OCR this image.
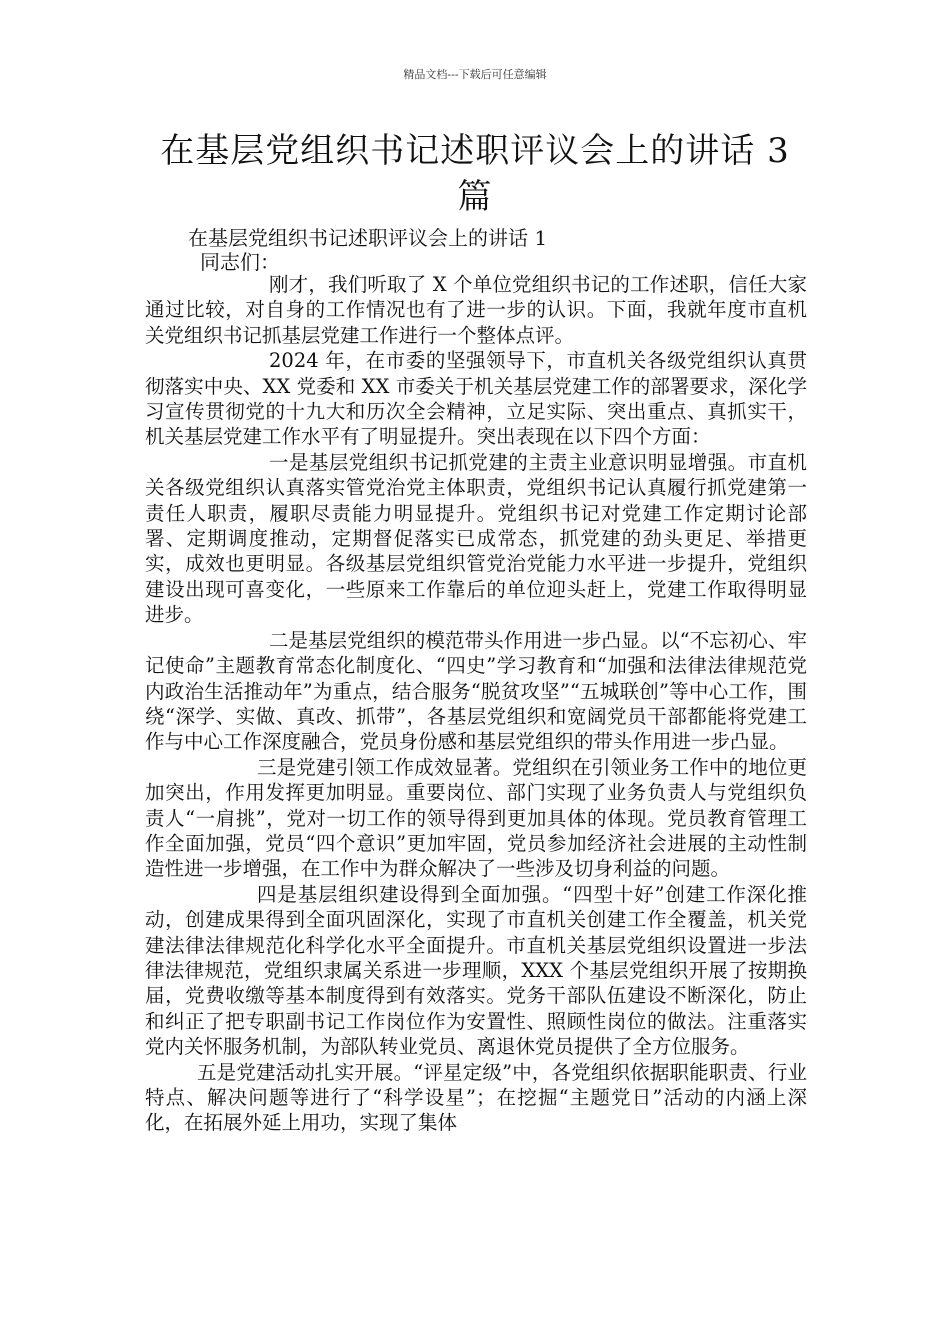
精品文档---下载后可任意编辑
在基层党组织书记述职评议会上的讲话 3 篇
在基层党组织书记述职评议会上的讲话 1
同志们：

刚才，我们听取了 X 个单位党组织书记的工作述职，信任大家通过比较，对自身的工作情况也有了进一步的认识。下面，我就年度市直机关党组织书记抓基层党建工作进行一个整体点评。

2024 年，在市委的坚强领导下，市直机关各级党组织认真贯彻落实中央、XX 党委和 XX 市委关于机关基层党建工作的部署要求，深化学习宣传贯彻党的十九大和历次全会精神，立足实际、突出重点、真抓实干，机关基层党建工作水平有了明显提升。突出表现在以下四个方面：

一是基层党组织书记抓党建的主责主业意识明显增强。市直机关各级党组织认真落实管党治党主体职责，党组织书记认真履行抓党建第一责任人职责，履职尽责能力明显提升。党组织书记对党建工作定期讨论部署、定期调度推动，定期督促落实已成常态，抓党建的劲头更足、举措更实，成效也更明显。各级基层党组织管党治党能力水平进一步提升，党组织建设出现可喜变化，一些原来工作靠后的单位迎头赶上，党建工作取得明显进步。

二是基层党组织的模范带头作用进一步凸显。以“不忘初心、牢记使命”主题教育常态化制度化、“四史”学习教育和“加强和法律法律规范党内政治生活推动年”为重点，结合服务“脱贫攻坚”“五城联创”等中心工作，围绕“深学、实做、真改、抓带”，各基层党组织和宽阔党员干部都能将党建工作与中心工作深度融合，党员身份感和基层党组织的带头作用进一步凸显。

三是党建引领工作成效显著。党组织在引领业务工作中的地位更加突出，作用发挥更加明显。重要岗位、部门实现了业务负责人与党组织负责人“一肩挑”，党对一切工作的领导得到更加具体的体现。党员教育管理工作全面加强，党员“四个意识”更加牢固，党员参加经济社会进展的主动性制造性进一步增强，在工作中为群众解决了一些涉及切身利益的问题。

四是基层组织建设得到全面加强。“四型十好”创建工作深化推动，创建成果得到全面巩固深化，实现了市直机关创建工作全覆盖，机关党建法律法律规范化科学化水平全面提升。市直机关基层党组织设置进一步法律法律规范，党组织隶属关系进一步理顺，XXX 个基层党组织开展了按期换届，党费收缴等基本制度得到有效落实。党务干部队伍建设不断深化，防止和纠正了把专职副书记工作岗位作为安置性、照顾性岗位的做法。注重落实党内关怀服务机制，为部队转业党员、离退休党员提供了全方位服务。

五是党建活动扎实开展。“评星定级”中，各党组织依据职能职责、行业特点、解决问题等进行了“科学设星”；在挖掘“主题党日”活动的内涵上深化，在拓展外延上用功，实现了集体
